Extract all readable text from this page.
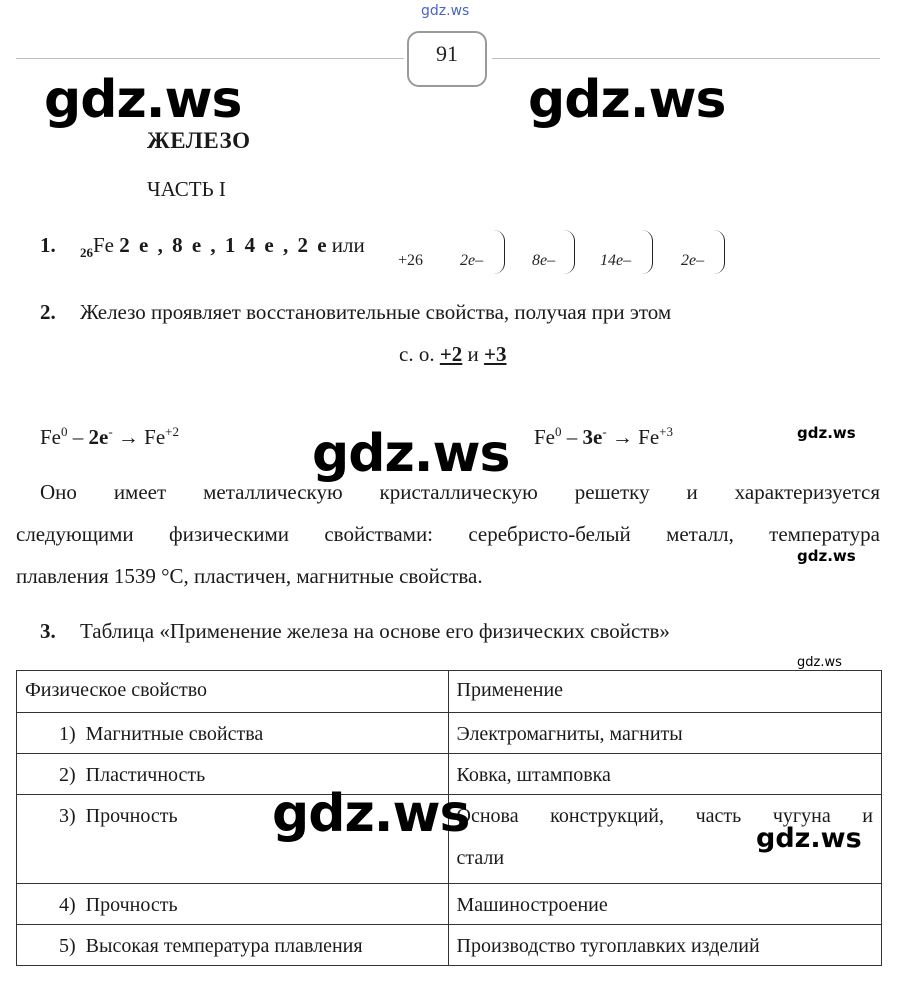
gdz.ws
91
gdz.ws	gdz.ws
ЖЕЛЕЗО
ЧАСТЬ I
1. $_{26}$Fe 2 е , 8 е , 1 4 е , 2 е или
+26 2e–	8e–	14e–	2e–
2. Железо проявляет восстановительные свойства, получая при этом
с. о. +2 и +3
$Fe^0 - 2e^- \to Fe^{+2}$	$Fe^0 - 3e^- \to Fe^{+3}$	gdz.ws
gdz.ws
Оно имеет металлическую кристаллическую решетку и характеризуется
следующими физическими свойствами: серебристо-белый металл, температура
плавления 1539 °С, пластичен, магнитные свойства.
gdz.ws
3. Таблица «Применение железа на основе его физических свойств»
gdz.ws
Физическое свойство	Применение
1) Магнитные свойства	Электромагниты, магниты
2) Пластичность	Ковка, штамповка
3) Прочность	Основа конструкций, часть чугуна и
стали

4) Прочность	Машиностроение
5) Высокая температура плавления	Производство тугоплавких изделий
gdz.ws	gdz.ws
